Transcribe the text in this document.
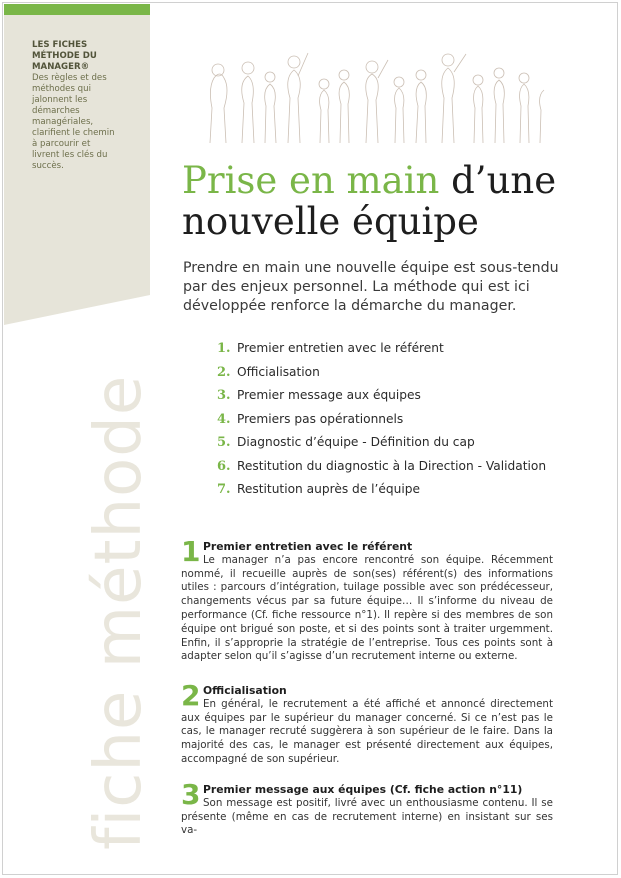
LES FICHES
MÉTHODE DU
MANAGER®
Des règles et des méthodes qui jalonnent les démarches managériales, clarifient le chemin à parcourir et livrent les clés du succès.
fiche méthode
Prise en main d’une
nouvelle équipe
Prendre en main une nouvelle équipe est sous-tendu par des enjeux personnel. La méthode qui est ici développée renforce la démarche du manager.
1. Premier entretien avec le référent
2. Officialisation
3. Premier message aux équipes
4. Premiers pas opérationnels
5. Diagnostic d’équipe - Définition du cap
6. Restitution du diagnostic à la Direction - Validation
7. Restitution auprès de l’équipe
1 Premier entretien avec le référent
Le manager n’a pas encore rencontré son équipe. Récemment nommé, il recueille auprès de son(ses) référent(s) des informations utiles : parcours d’intégration, tuilage possible avec son prédécesseur, changements vécus par sa future équipe… Il s’informe du niveau de performance (Cf. fiche ressource n°1). Il repère si des membres de son équipe ont brigué son poste, et si des points sont à traiter urgemment. Enfin, il s’approprie la stratégie de l’entreprise. Tous ces points sont à adapter selon qu’il s’agisse d’un recrutement interne ou externe.
2 Officialisation
En général, le recrutement a été affiché et annoncé directement aux équipes par le supérieur du manager concerné. Si ce n’est pas le cas, le manager recruté suggèrera à son supérieur de le faire. Dans la majorité des cas, le manager est présenté directement aux équipes, accompagné de son supérieur.
3 Premier message aux équipes (Cf. fiche action n°11)
Son message est positif, livré avec un enthousiasme contenu. Il se présente (même en cas de recrutement interne) en insistant sur ses va-
